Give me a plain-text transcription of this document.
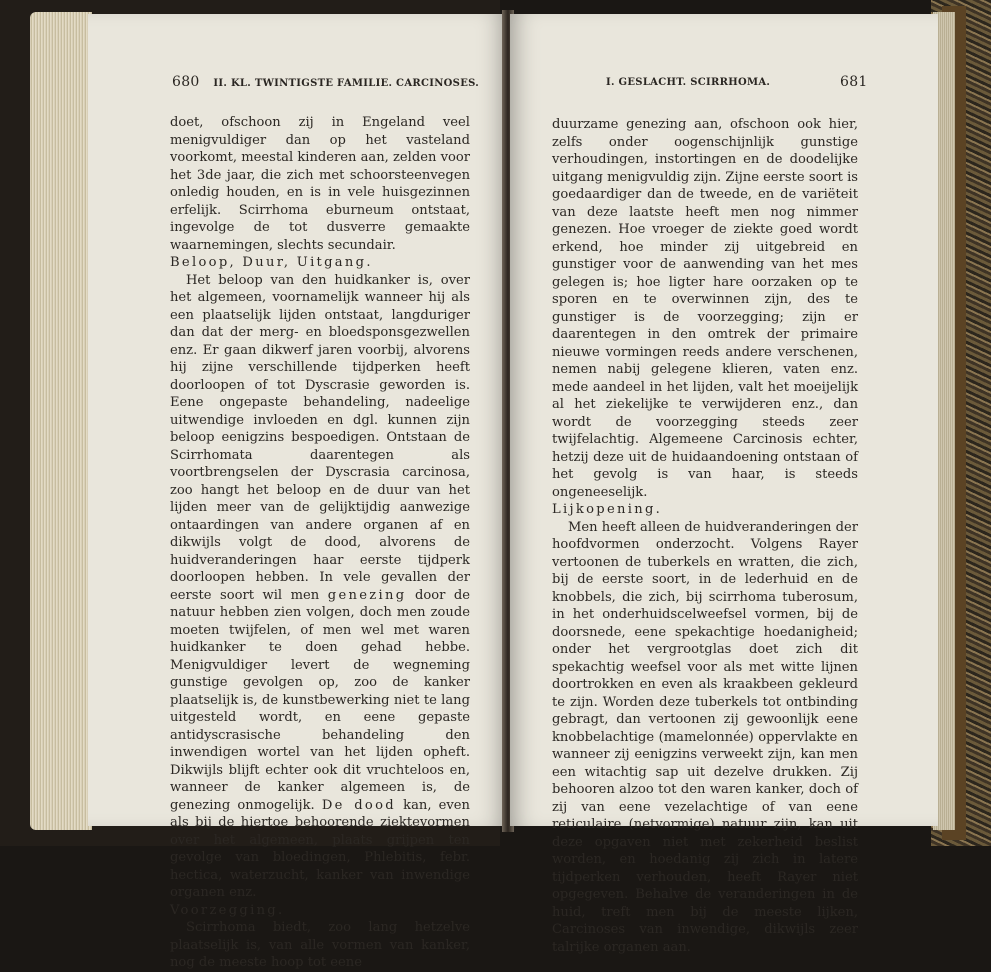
680 II. KL. TWINTIGSTE FAMILIE. CARCINOSES.

doet, ofschoon zij in Engeland veel menigvuldiger dan op het vasteland voorkomt, meestal kinderen aan, zelden voor het 3de jaar, die zich met schoorsteenvegen onledig houden, en is in vele huisgezinnen erfelijk. Scirrhoma eburneum ontstaat, ingevolge de tot dusverre gemaakte waarnemingen, slechts secundair.

Beloop, Duur, Uitgang.

Het beloop van den huidkanker is, over het algemeen, voornamelijk wanneer hij als een plaatselijk lijden ontstaat, langduriger dan dat der merg- en bloedsponsgezwellen enz. Er gaan dikwerf jaren voorbij, alvorens hij zijne verschillende tijdperken heeft doorloopen of tot Dyscrasie geworden is. Eene ongepaste behandeling, nadeelige uitwendige invloeden en dgl. kunnen zijn beloop eenigzins bespoedigen. Ontstaan de Scirrhomata daarentegen als voortbrengselen der Dyscrasia carcinosa, zoo hangt het beloop en de duur van het lijden meer van de gelijktijdig aanwezige ontaardingen van andere organen af en dikwijls volgt de dood, alvorens de huidveranderingen haar eerste tijdperk doorloopen hebben. In vele gevallen der eerste soort wil men genezing door de natuur hebben zien volgen, doch men zoude moeten twijfelen, of men wel met waren huidkanker te doen gehad hebbe. Menigvuldiger levert de wegneming gunstige gevolgen op, zoo de kanker plaatselijk is, de kunstbewerking niet te lang uitgesteld wordt, en eene gepaste antidyscrasische behandeling den inwendigen wortel van het lijden opheft. Dikwijls blijft echter ook dit vruchteloos en, wanneer de kanker algemeen is, de genezing onmogelijk. De dood kan, even als bij de hiertoe behoorende ziektevormen over het algemeen, plaats grijpen ten gevolge van bloedingen, Phlebitis, febr. hectica, waterzucht, kanker van inwendige organen enz.

Voorzegging.

Scirrhoma biedt, zoo lang hetzelve plaatselijk is, van alle vormen van kanker, nog de meeste hoop tot eene

I. GESLACHT. SCIRRHOMA.	681

duurzame genezing aan, ofschoon ook hier, zelfs onder oogenschijnlijk gunstige verhoudingen, instortingen en de doodelijke uitgang menigvuldig zijn. Zijne eerste soort is goedaardiger dan de tweede, en de variëteit van deze laatste heeft men nog nimmer genezen. Hoe vroeger de ziekte goed wordt erkend, hoe minder zij uitgebreid en gunstiger voor de aanwending van het mes gelegen is; hoe ligter hare oorzaken op te sporen en te overwinnen zijn, des te gunstiger is de voorzegging; zijn er daarentegen in den omtrek der primaire nieuwe vormingen reeds andere verschenen, nemen nabij gelegene klieren, vaten enz. mede aandeel in het lijden, valt het moeijelijk al het ziekelijke te verwijderen enz., dan wordt de voorzegging steeds zeer twijfelachtig. Algemeene Carcinosis echter, hetzij deze uit de huidaandoening ontstaan of het gevolg is van haar, is steeds ongeneeselijk.

Lijkopening.

Men heeft alleen de huidveranderingen der hoofdvormen onderzocht. Volgens Rayer vertoonen de tuberkels en wratten, die zich, bij de eerste soort, in de lederhuid en de knobbels, die zich, bij scirrhoma tuberosum, in het onderhuidscelweefsel vormen, bij de doorsnede, eene spekachtige hoedanigheid; onder het vergrootglas doet zich dit spekachtig weefsel voor als met witte lijnen doortrokken en even als kraakbeen gekleurd te zijn. Worden deze tuberkels tot ontbinding gebragt, dan vertoonen zij gewoonlijk eene knobbelachtige (mamelonnée) oppervlakte en wanneer zij eenigzins verweekt zijn, kan men een witachtig sap uit dezelve drukken. Zij behooren alzoo tot den waren kanker, doch of zij van eene vezelachtige of van eene reticulaire (netvormige) natuur zijn, kan uit deze opgaven niet met zekerheid beslist worden, en hoedanig zij zich in latere tijdperken verhouden, heeft Rayer niet opgegeven. Behalve de veranderingen in de huid, treft men bij de meeste lijken, Carcinoses van inwendige, dikwijls zeer talrijke organen aan.
